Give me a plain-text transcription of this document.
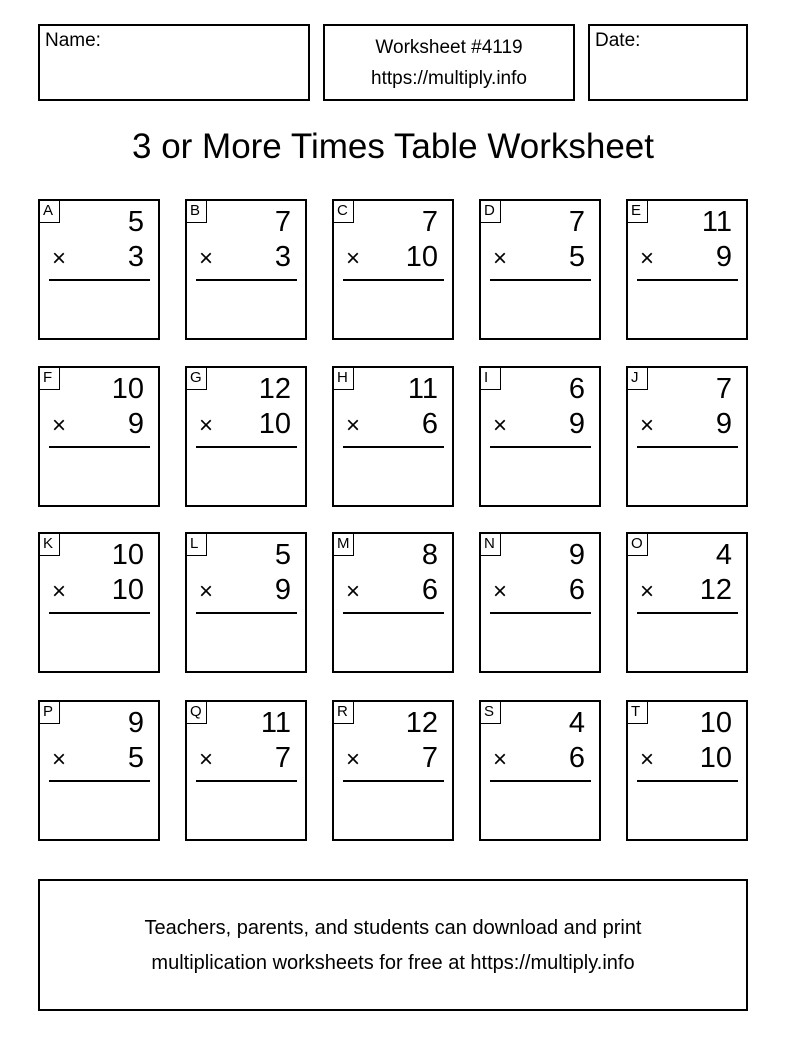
Name:	Worksheet #4119
https://multiply.info
Date:
3 or More Times Table Worksheet
A	5
× 3
B	7
× 3
C	7
× 10
D	7
× 5
E 11
× 9
F 10
× 9
G 12
× 10
H 11
× 6
I	6
× 9
J	7
× 9
K 10
× 10
L	5
× 9
M 8
× 6
N	9
× 6
O	4
× 12
P	9
× 5
Q 11
× 7
R 12
× 7
S	4
× 6
T 10
× 10
Teachers, parents, and students can download and print
multiplication worksheets for free at https://multiply.info
